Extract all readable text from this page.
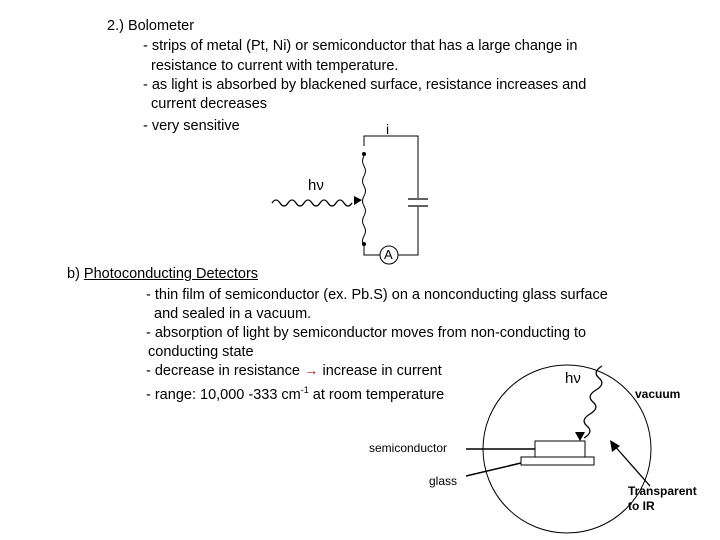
2.) Bolometer
- strips of metal (Pt, Ni) or semiconductor that has a large change in
resistance to current with temperature.
- as light is absorbed by blackened surface, resistance increases and
current decreases
- very sensitive	i
hν
A
b) Photoconducting Detectors
- thin film of semiconductor (ex. Pb.S) on a nonconducting glass surface
and sealed in a vacuum.
- absorption of light by semiconductor moves from non-conducting to
conducting state
- decrease in resistance → increase in current
- range: 10,000 -333 $cm^{-1}$ at room temperature
hν
vacuum
semiconductor
glass
Transparent
to IR
